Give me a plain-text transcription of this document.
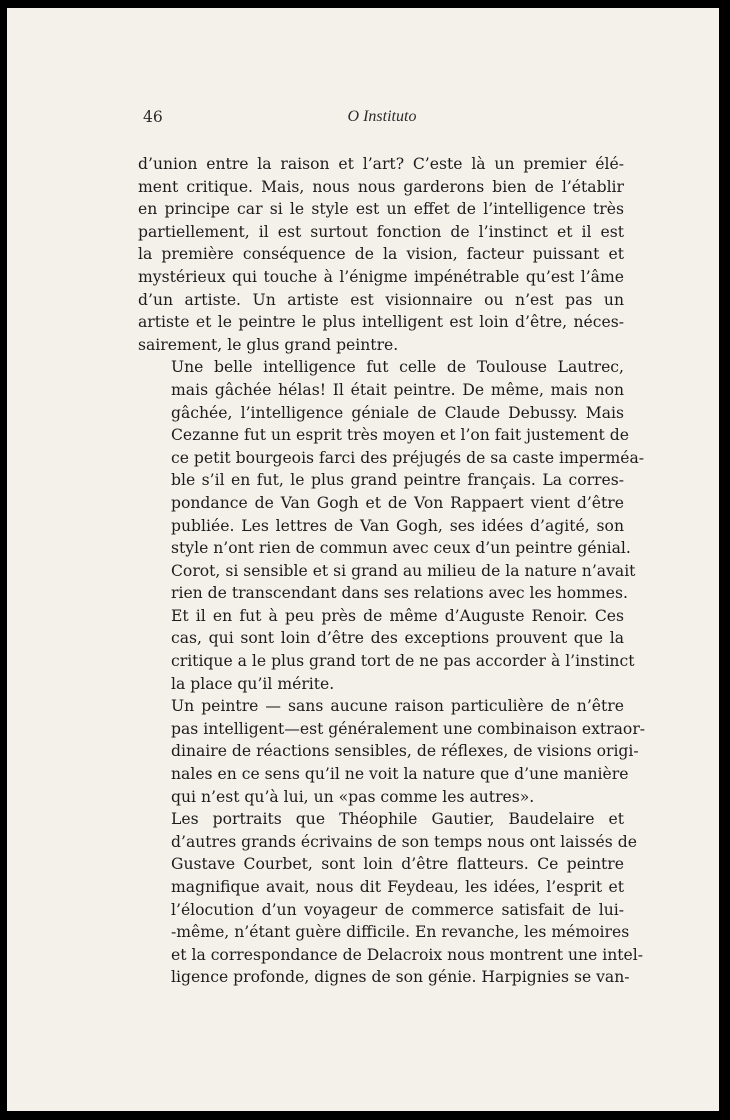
46	O Instituto
d’union entre la raison et l’art? C’este là un premier élé-
ment critique. Mais, nous nous garderons bien de l’établir
en principe car si le style est un effet de l’intelligence très
partiellement, il est surtout fonction de l’instinct et il est
la première conséquence de la vision, facteur puissant et
mystérieux qui touche à l’énigme impénétrable qu’est l’âme
d’un artiste. Un artiste est visionnaire ou n’est pas un
artiste et le peintre le plus intelligent est loin d’être, néces-
sairement, le glus grand peintre.
Une belle intelligence fut celle de Toulouse Lautrec,
mais gâchée hélas! Il était peintre. De même, mais non
gâchée, l’intelligence géniale de Claude Debussy. Mais
Cezanne fut un esprit très moyen et l’on fait justement de
ce petit bourgeois farci des préjugés de sa caste imperméa-
ble s’il en fut, le plus grand peintre français. La corres-
pondance de Van Gogh et de Von Rappaert vient d’être
publiée. Les lettres de Van Gogh, ses idées d’agité, son
style n’ont rien de commun avec ceux d’un peintre génial.
Corot, si sensible et si grand au milieu de la nature n’avait
rien de transcendant dans ses relations avec les hommes.
Et il en fut à peu près de même d’Auguste Renoir. Ces
cas, qui sont loin d’être des exceptions prouvent que la
critique a le plus grand tort de ne pas accorder à l’instinct
la place qu’il mérite.
Un peintre — sans aucune raison particulière de n’être
pas intelligent—est généralement une combinaison extraor-
dinaire de réactions sensibles, de réflexes, de visions origi-
nales en ce sens qu’il ne voit la nature que d’une manière
qui n’est qu’à lui, un «pas comme les autres».
Les portraits que Théophile Gautier, Baudelaire et
d’autres grands écrivains de son temps nous ont laissés de
Gustave Courbet, sont loin d’être flatteurs. Ce peintre
magnifique avait, nous dit Feydeau, les idées, l’esprit et
l’élocution d’un voyageur de commerce satisfait de lui-
-même, n’étant guère difficile. En revanche, les mémoires
et la correspondance de Delacroix nous montrent une intel-
ligence profonde, dignes de son génie. Harpignies se van-
